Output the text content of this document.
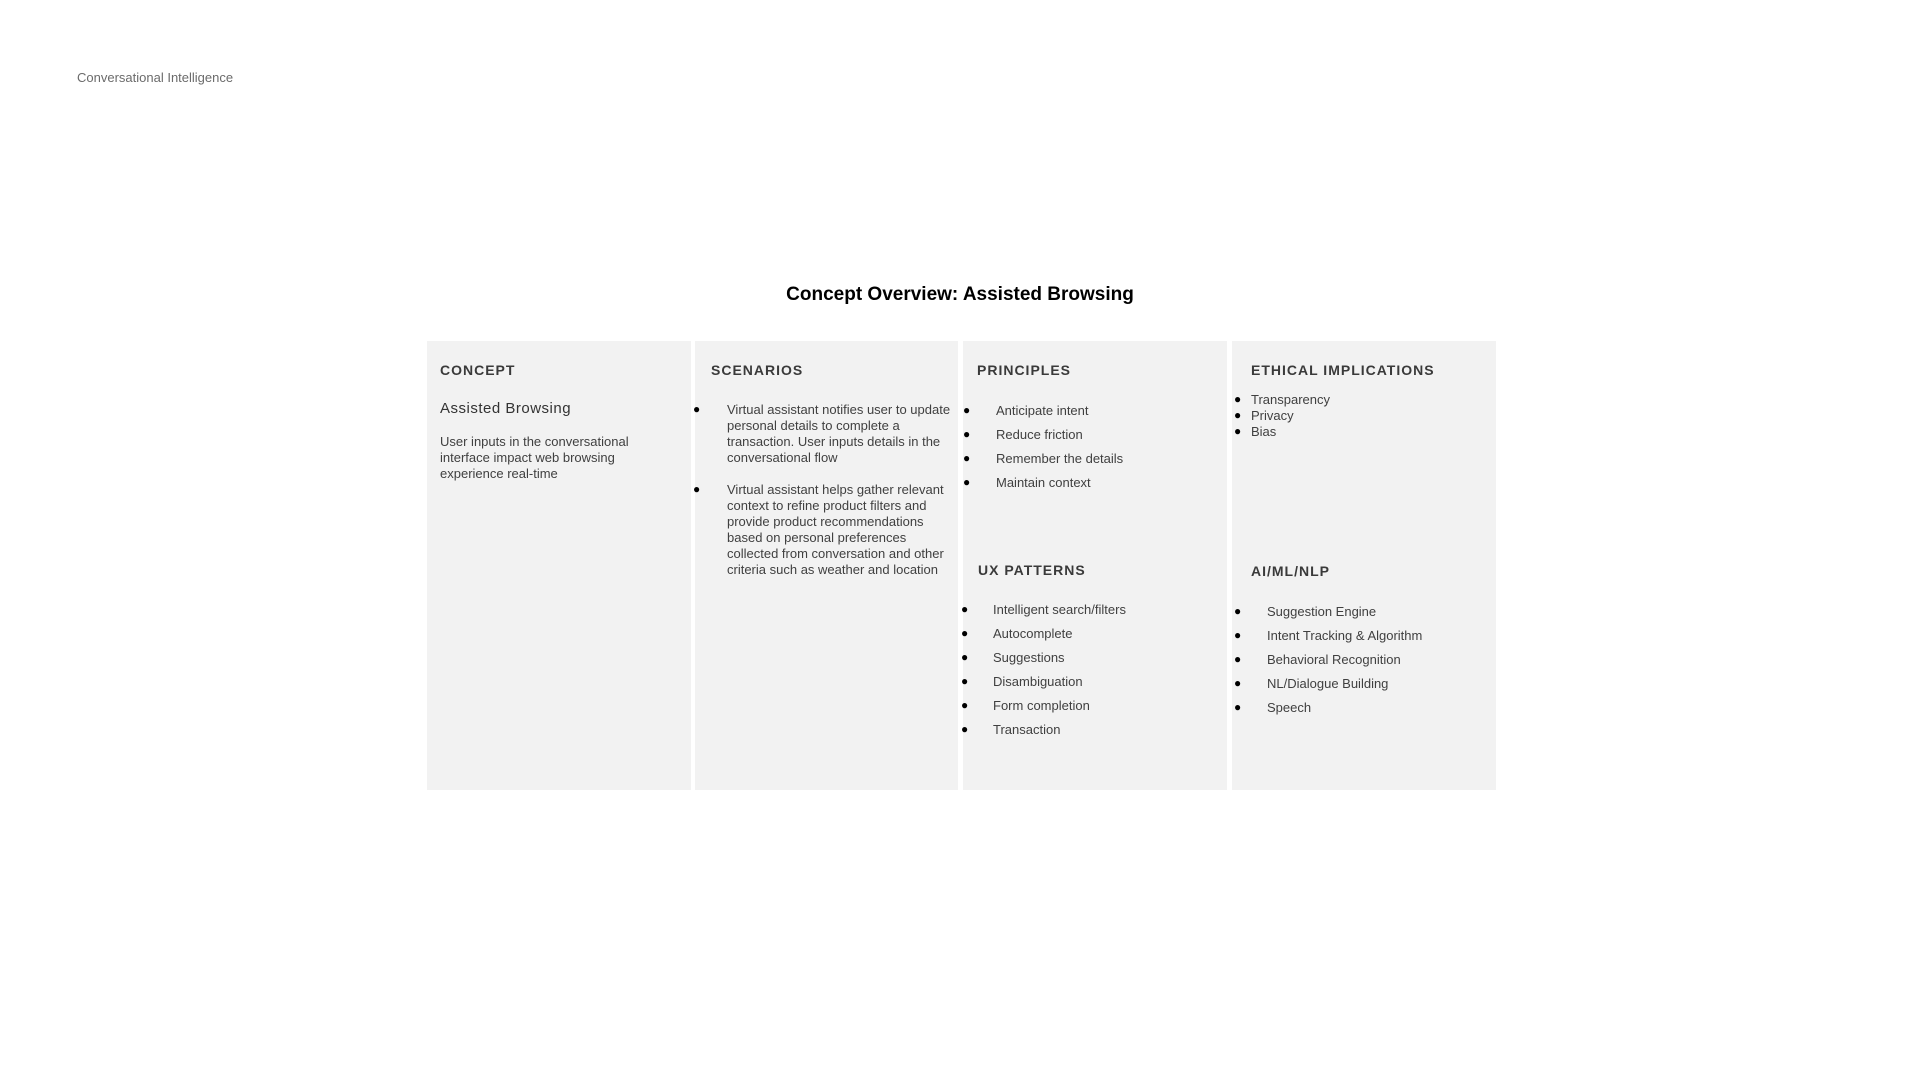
Conversational Intelligence
Concept Overview: Assisted Browsing
CONCEPT
Assisted Browsing
User inputs in the conversational interface impact web browsing experience real-time
SCENARIOS
● Virtual assistant notifies user to update personal details to complete a transaction. User inputs details in the conversational flow
● Virtual assistant helps gather relevant context to refine product filters and provide product recommendations based on personal preferences collected from conversation and other criteria such as weather and location
PRINCIPLES
● Anticipate intent
● Reduce friction
● Remember the details
● Maintain context
UX PATTERNS
● Intelligent search/filters
● Autocomplete
● Suggestions
● Disambiguation
● Form completion
● Transaction
ETHICAL IMPLICATIONS
● Transparency
● Privacy
● Bias
AI/ML/NLP
● Suggestion Engine
● Intent Tracking & Algorithm
● Behavioral Recognition
● NL/Dialogue Building
● Speech
